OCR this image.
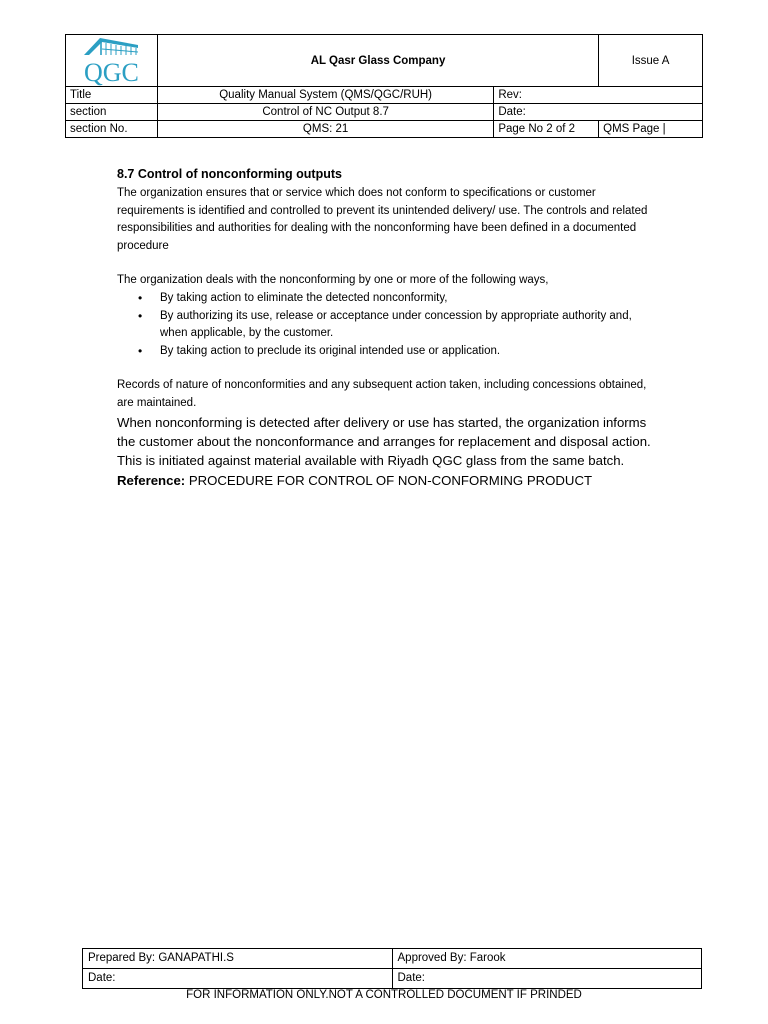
QGC	AL Qasr Glass Company		Issue A
Title	Quality Manual System (QMS/QGC/RUH)	Rev:	
section	Control of NC Output 8.7	Date:	
section No.	QMS: 21	Page No 2 of 2	QMS Page |
8.7 Control of nonconforming outputs

The organization ensures that or service which does not conform to specifications or customer requirements is identified and controlled to prevent its unintended delivery/ use. The controls and related responsibilities and authorities for dealing with the nonconforming have been defined in a documented procedure

The organization deals with the nonconforming by one or more of the following ways,

• By taking action to eliminate the detected nonconformity,
• By authorizing its use, release or acceptance under concession by appropriate authority and, when applicable, by the customer.
• By taking action to preclude its original intended use or application.

Records of nature of nonconformities and any subsequent action taken, including concessions obtained, are maintained.

When nonconforming is detected after delivery or use has started, the organization informs the customer about the nonconformance and arranges for replacement and disposal action. This is initiated against material available with Riyadh QGC glass from the same batch.

Reference: PROCEDURE FOR CONTROL OF NON-CONFORMING PRODUCT

Prepared By: GANAPATHI.S	Approved By: Farook
Date:	Date:
FOR INFORMATION ONLY.NOT A CONTROLLED DOCUMENT IF PRINDED
